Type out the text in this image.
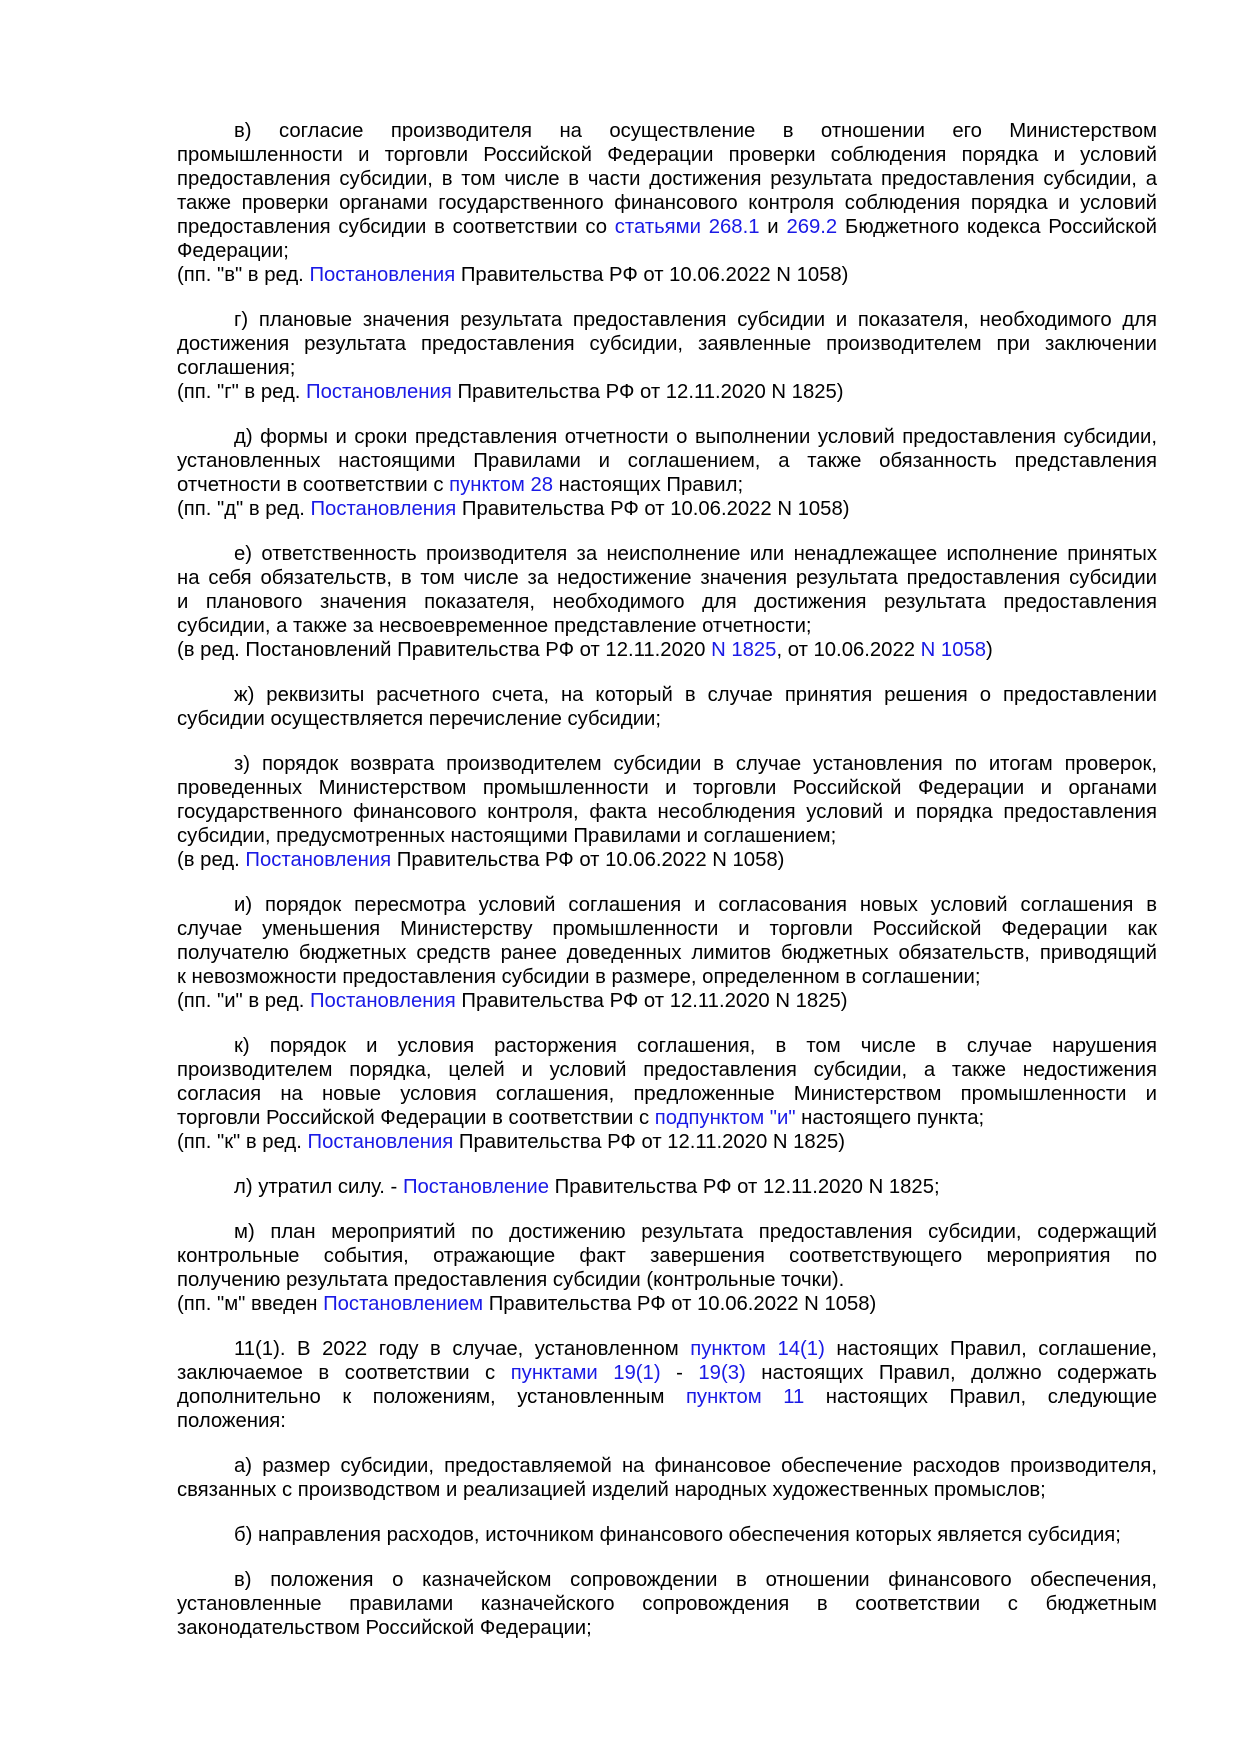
в) согласие производителя на осуществление в отношении его Министерством
промышленности и торговли Российской Федерации проверки соблюдения порядка и условий
предоставления субсидии, в том числе в части достижения результата предоставления субсидии, а
также проверки органами государственного финансового контроля соблюдения порядка и условий
предоставления субсидии в соответствии со статьями 268.1 и 269.2 Бюджетного кодекса Российской
Федерации;
(пп. "в" в ред. Постановления Правительства РФ от 10.06.2022 N 1058)
г) плановые значения результата предоставления субсидии и показателя, необходимого для
достижения результата предоставления субсидии, заявленные производителем при заключении
соглашения;
(пп. "г" в ред. Постановления Правительства РФ от 12.11.2020 N 1825)
д) формы и сроки представления отчетности о выполнении условий предоставления субсидии,
установленных настоящими Правилами и соглашением, а также обязанность представления
отчетности в соответствии с пунктом 28 настоящих Правил;
(пп. "д" в ред. Постановления Правительства РФ от 10.06.2022 N 1058)
е) ответственность производителя за неисполнение или ненадлежащее исполнение принятых
на себя обязательств, в том числе за недостижение значения результата предоставления субсидии
и планового значения показателя, необходимого для достижения результата предоставления
субсидии, а также за несвоевременное представление отчетности;
(в ред. Постановлений Правительства РФ от 12.11.2020 N 1825, от 10.06.2022 N 1058)
ж) реквизиты расчетного счета, на который в случае принятия решения о предоставлении
субсидии осуществляется перечисление субсидии;
з) порядок возврата производителем субсидии в случае установления по итогам проверок,
проведенных Министерством промышленности и торговли Российской Федерации и органами
государственного финансового контроля, факта несоблюдения условий и порядка предоставления
субсидии, предусмотренных настоящими Правилами и соглашением;
(в ред. Постановления Правительства РФ от 10.06.2022 N 1058)
и) порядок пересмотра условий соглашения и согласования новых условий соглашения в
случае уменьшения Министерству промышленности и торговли Российской Федерации как
получателю бюджетных средств ранее доведенных лимитов бюджетных обязательств, приводящий
к невозможности предоставления субсидии в размере, определенном в соглашении;
(пп. "и" в ред. Постановления Правительства РФ от 12.11.2020 N 1825)
к) порядок и условия расторжения соглашения, в том числе в случае нарушения
производителем порядка, целей и условий предоставления субсидии, а также недостижения
согласия на новые условия соглашения, предложенные Министерством промышленности и
торговли Российской Федерации в соответствии с подпунктом "и" настоящего пункта;
(пп. "к" в ред. Постановления Правительства РФ от 12.11.2020 N 1825)
л) утратил силу. - Постановление Правительства РФ от 12.11.2020 N 1825;
м) план мероприятий по достижению результата предоставления субсидии, содержащий
контрольные события, отражающие факт завершения соответствующего мероприятия по
получению результата предоставления субсидии (контрольные точки).
(пп. "м" введен Постановлением Правительства РФ от 10.06.2022 N 1058)
11(1). В 2022 году в случае, установленном пунктом 14(1) настоящих Правил, соглашение,
заключаемое в соответствии с пунктами 19(1) - 19(3) настоящих Правил, должно содержать
дополнительно к положениям, установленным пунктом 11 настоящих Правил, следующие
положения:
а) размер субсидии, предоставляемой на финансовое обеспечение расходов производителя,
связанных с производством и реализацией изделий народных художественных промыслов;
б) направления расходов, источником финансового обеспечения которых является субсидия;
в) положения о казначейском сопровождении в отношении финансового обеспечения,
установленные правилами казначейского сопровождения в соответствии с бюджетным
законодательством Российской Федерации;
